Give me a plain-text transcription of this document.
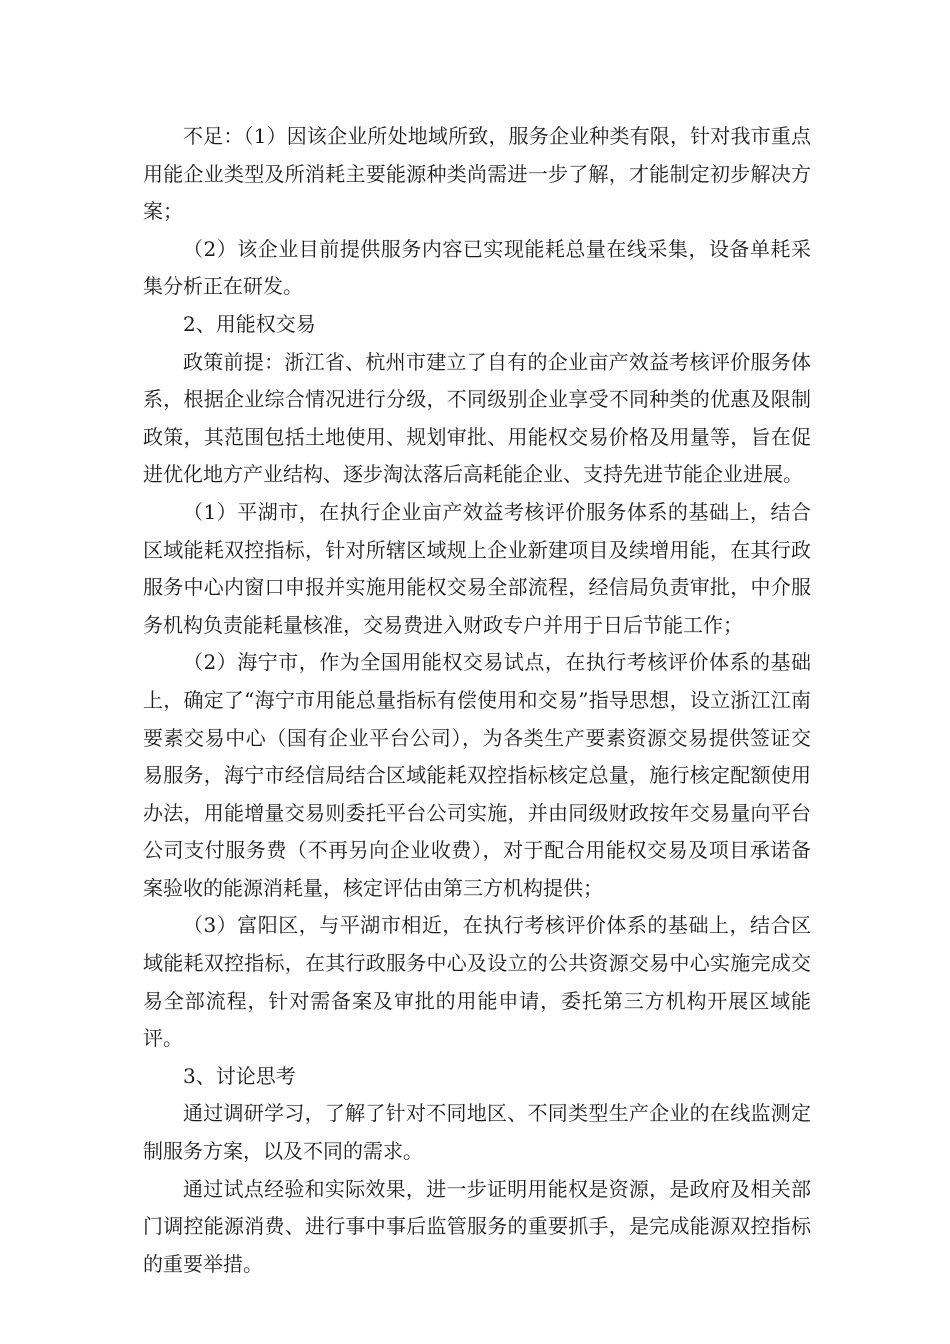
不足：（1）因该企业所处地域所致，服务企业种类有限，针对我市重点用能企业类型及所消耗主要能源种类尚需进一步了解，才能制定初步解决方案；

（2）该企业目前提供服务内容已实现能耗总量在线采集，设备单耗采集分析正在研发。

2、用能权交易

政策前提：浙江省、杭州市建立了自有的企业亩产效益考核评价服务体系，根据企业综合情况进行分级，不同级别企业享受不同种类的优惠及限制政策，其范围包括土地使用、规划审批、用能权交易价格及用量等，旨在促进优化地方产业结构、逐步淘汰落后高耗能企业、支持先进节能企业进展。

（1）平湖市，在执行企业亩产效益考核评价服务体系的基础上，结合区域能耗双控指标，针对所辖区域规上企业新建项目及续增用能，在其行政服务中心内窗口申报并实施用能权交易全部流程，经信局负责审批，中介服务机构负责能耗量核准，交易费进入财政专户并用于日后节能工作；

（2）海宁市，作为全国用能权交易试点，在执行考核评价体系的基础上，确定了“海宁市用能总量指标有偿使用和交易”指导思想，设立浙江江南要素交易中心（国有企业平台公司），为各类生产要素资源交易提供签证交易服务，海宁市经信局结合区域能耗双控指标核定总量，施行核定配额使用办法，用能增量交易则委托平台公司实施，并由同级财政按年交易量向平台公司支付服务费（不再另向企业收费），对于配合用能权交易及项目承诺备案验收的能源消耗量，核定评估由第三方机构提供；

（3）富阳区，与平湖市相近，在执行考核评价体系的基础上，结合区域能耗双控指标，在其行政服务中心及设立的公共资源交易中心实施完成交易全部流程，针对需备案及审批的用能申请，委托第三方机构开展区域能评。

3、讨论思考

通过调研学习，了解了针对不同地区、不同类型生产企业的在线监测定制服务方案，以及不同的需求。

通过试点经验和实际效果，进一步证明用能权是资源，是政府及相关部门调控能源消费、进行事中事后监管服务的重要抓手，是完成能源双控指标的重要举措。
